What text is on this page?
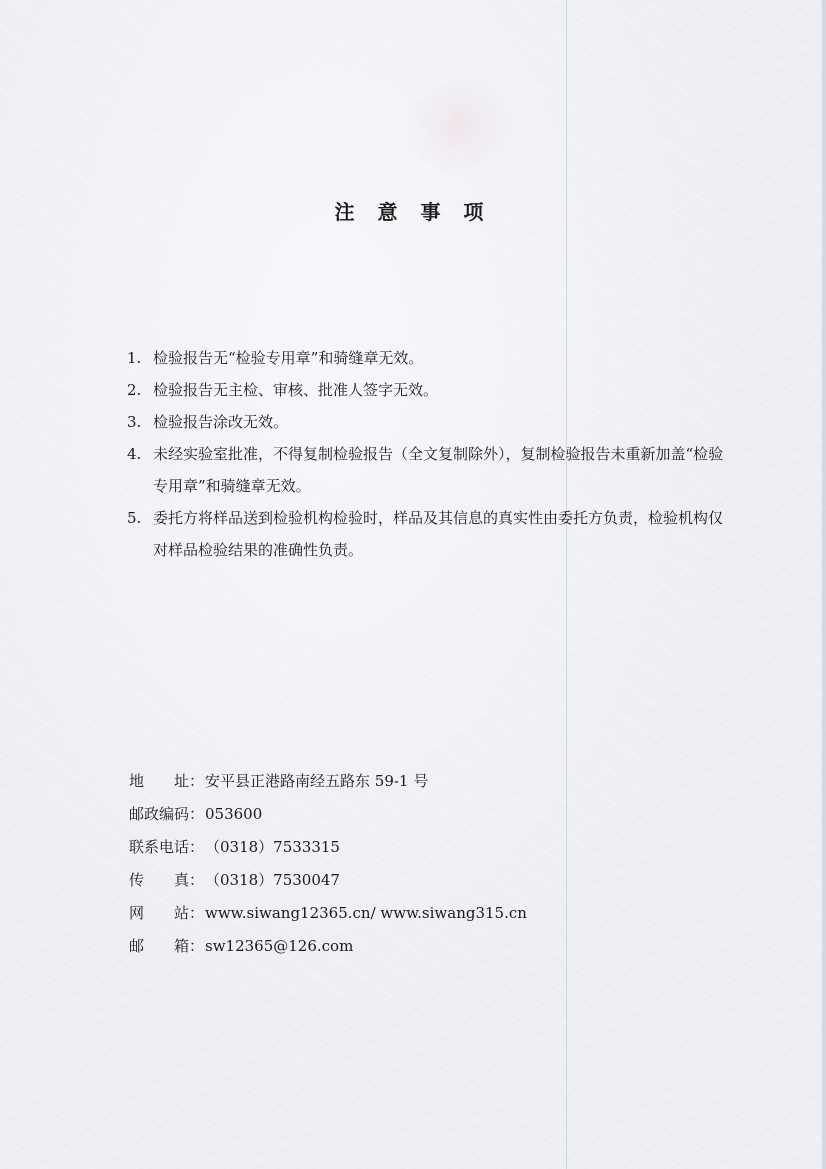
注 意 事 项
1. 检验报告无“检验专用章”和骑缝章无效。
2. 检验报告无主检、审核、批准人签字无效。
3. 检验报告涂改无效。
4. 未经实验室批准，不得复制检验报告（全文复制除外），复制检验报告未重新加盖“检验专用章”和骑缝章无效。
5. 委托方将样品送到检验机构检验时，样品及其信息的真实性由委托方负责，检验机构仅对样品检验结果的准确性负责。
地　　址： 安平县正港路南经五路东 59-1 号
邮政编码： 053600
联系电话： （0318）7533315
传　　真： （0318）7530047
网　　站： www.siwang12365.cn/ www.siwang315.cn
邮　　箱： sw12365@126.com
